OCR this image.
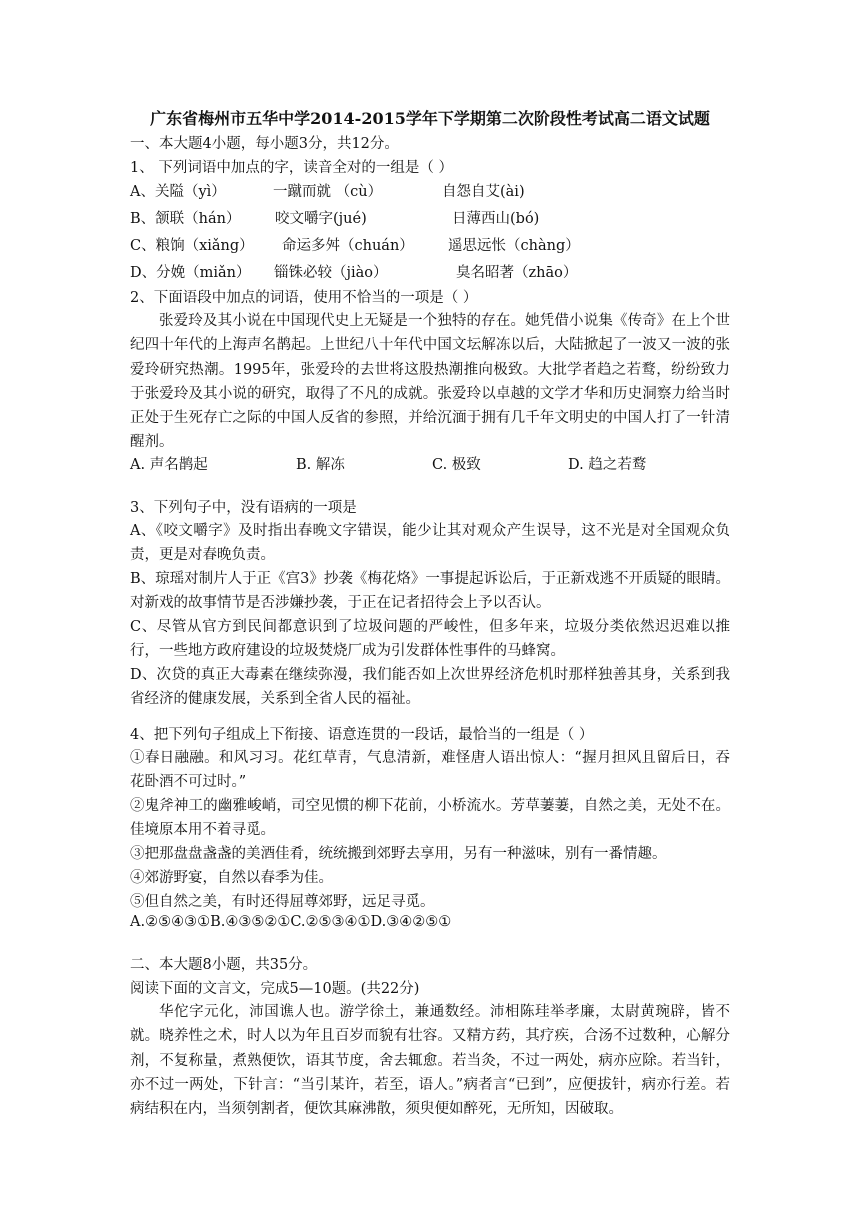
广东省梅州市五华中学2014-2015学年下学期第二次阶段性考试高二语文试题
一、本大题4小题，每小题3分，共12分。
1、 下列词语中加点的字，读音全对的一组是（ ）
A、关隘（yì）	一蹴而就 （cù）	自怨自艾(ài)
B、颔联（hán） 咬文嚼字(jué)	日薄西山(bó)
C、粮饷（xiǎng） 命运多舛（chuán） 遥思远怅（chàng）
D、分娩（miǎn） 锱铢必较（jiào）	臭名昭著（zhāo）
2、下面语段中加点的词语，使用不恰当的一项是（ ）
张爱玲及其小说在中国现代史上无疑是一个独特的存在。她凭借小说集《传奇》在上个世纪四十年代的上海声名鹊起。上世纪八十年代中国文坛解冻以后，大陆掀起了一波又一波的张爱玲研究热潮。1995年，张爱玲的去世将这股热潮推向极致。大批学者趋之若鹜，纷纷致力于张爱玲及其小说的研究，取得了不凡的成就。张爱玲以卓越的文学才华和历史洞察力给当时正处于生死存亡之际的中国人反省的参照，并给沉湎于拥有几千年文明史的中国人打了一针清醒剂。
A. 声名鹊起	B. 解冻	C. 极致	D. 趋之若鹜
3、下列句子中，没有语病的一项是
A、《咬文嚼字》及时指出春晚文字错误，能少让其对观众产生误导，这不光是对全国观众负责，更是对春晚负责。
B、琼瑶对制片人于正《宫3》抄袭《梅花烙》一事提起诉讼后，于正新戏逃不开质疑的眼睛。对新戏的故事情节是否涉嫌抄袭，于正在记者招待会上予以否认。
C、尽管从官方到民间都意识到了垃圾问题的严峻性，但多年来，垃圾分类依然迟迟难以推行，一些地方政府建设的垃圾焚烧厂成为引发群体性事件的马蜂窝。
D、次贷的真正大毒素在继续弥漫，我们能否如上次世界经济危机时那样独善其身，关系到我省经济的健康发展，关系到全省人民的福祉。
4、把下列句子组成上下衔接、语意连贯的一段话，最恰当的一组是（ ）
①春日融融。和风习习。花红草青，气息清新，难怪唐人语出惊人：“握月担风且留后日，吞花卧酒不可过时。”
②鬼斧神工的幽雅峻峭，司空见惯的柳下花前，小桥流水。芳草萋萋，自然之美，无处不在。佳境原本用不着寻觅。
③把那盘盘盏盏的美酒佳肴，统统搬到郊野去享用，另有一种滋味，别有一番情趣。
④郊游野宴，自然以春季为佳。
⑤但自然之美，有时还得屈尊郊野，远足寻觅。
A.②⑤④③①B.④③⑤②①C.②⑤③④①D.③④②⑤①
二、本大题8小题，共35分。
阅读下面的文言文，完成5—10题。(共22分)
华佗字元化，沛国谯人也。游学徐土，兼通数经。沛相陈珪举孝廉，太尉黄琬辟，皆不就。晓养性之术，时人以为年且百岁而貌有壮容。又精方药，其疗疾，合汤不过数种，心解分剂，不复称量，煮熟便饮，语其节度，舍去辄愈。若当灸，不过一两处，病亦应除。若当针，亦不过一两处，下针言：“当引某许，若至，语人。”病者言“已到”，应便拔针，病亦行差。若病结积在内，当须刳割者，便饮其麻沸散，须臾便如醉死，无所知，因破取。
